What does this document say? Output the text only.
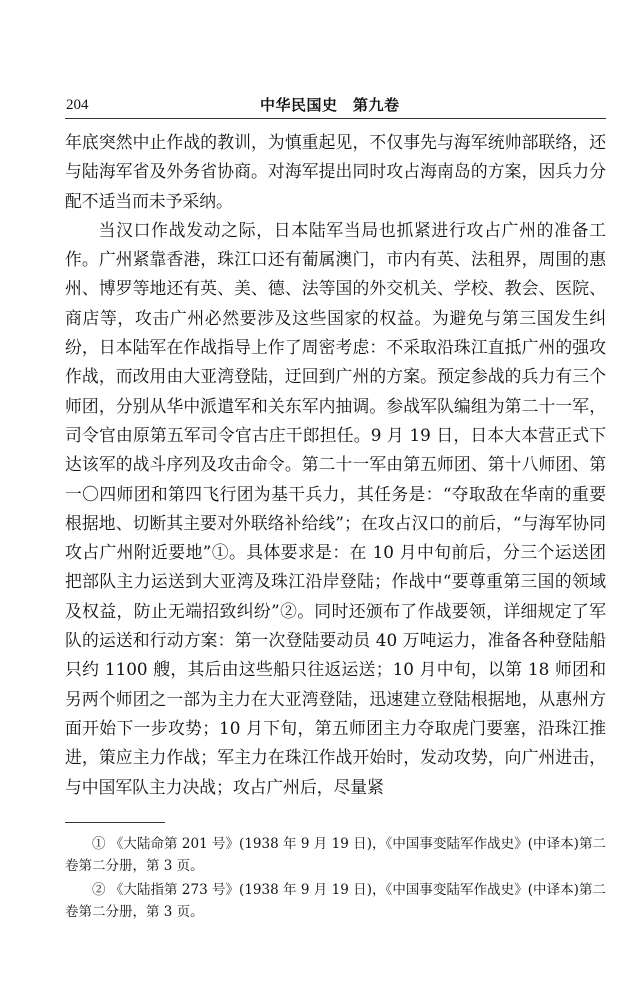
204	中华民国史　第九卷

年底突然中止作战的教训，为慎重起见，不仅事先与海军统帅部联络，还与陆海军省及外务省协商。对海军提出同时攻占海南岛的方案，因兵力分配不适当而未予采纳。

当汉口作战发动之际，日本陆军当局也抓紧进行攻占广州的准备工作。广州紧靠香港，珠江口还有葡属澳门，市内有英、法租界，周围的惠州、博罗等地还有英、美、德、法等国的外交机关、学校、教会、医院、商店等，攻击广州必然要涉及这些国家的权益。为避免与第三国发生纠纷，日本陆军在作战指导上作了周密考虑：不采取沿珠江直抵广州的强攻作战，而改用由大亚湾登陆，迂回到广州的方案。预定参战的兵力有三个师团，分别从华中派遣军和关东军内抽调。参战军队编组为第二十一军，司令官由原第五军司令官古庄干郎担任。9 月 19 日，日本大本营正式下达该军的战斗序列及攻击命令。第二十一军由第五师团、第十八师团、第一〇四师团和第四飞行团为基干兵力，其任务是：“夺取敌在华南的重要根据地、切断其主要对外联络补给线”；在攻占汉口的前后，“与海军协同攻占广州附近要地”①。具体要求是：在 10 月中旬前后，分三个运送团把部队主力运送到大亚湾及珠江沿岸登陆；作战中“要尊重第三国的领域及权益，防止无端招致纠纷”②。同时还颁布了作战要领，详细规定了军队的运送和行动方案：第一次登陆要动员 40 万吨运力，准备各种登陆船只约 1100 艘，其后由这些船只往返运送；10 月中旬，以第 18 师团和另两个师团之一部为主力在大亚湾登陆，迅速建立登陆根据地，从惠州方面开始下一步攻势；10 月下旬，第五师团主力夺取虎门要塞，沿珠江推进，策应主力作战；军主力在珠江作战开始时，发动攻势，向广州进击，与中国军队主力决战；攻占广州后，尽量紧

① 《大陆命第 201 号》(1938 年 9 月 19 日)，《中国事变陆军作战史》(中译本)第二卷第二分册，第 3 页。

② 《大陆指第 273 号》(1938 年 9 月 19 日)，《中国事变陆军作战史》(中译本)第二卷第二分册，第 3 页。
